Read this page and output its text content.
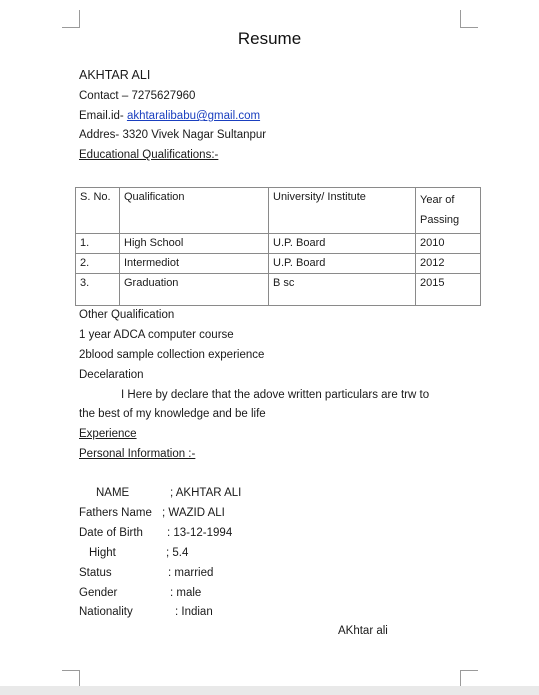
Resume
AKHTAR ALI
Contact – 7275627960
Email.id- akhtaralibabu@gmail.com
Addres- 3320 Vivek Nagar Sultanpur
Educational Qualifications:-
S. No.	Qualification	University/ Institute	Year of Passing
1.	High School	U.P. Board	2010
2.	Intermediot	U.P. Board	2012
3.	Graduation	B sc	2015
Other Qualification
1 year ADCA computer course
2blood sample collection experience
Decelaration
I Here by declare that the adove written particulars are trw to
the best of my knowledge and be life
Experience
Personal Information :-
NAME	; AKHTAR ALI
Fathers Name ; WAZID ALI
Date of Birth : 13-12-1994
Hight	; 5.4
Status	: married
Gender	: male
Nationality	: Indian
AKhtar ali
